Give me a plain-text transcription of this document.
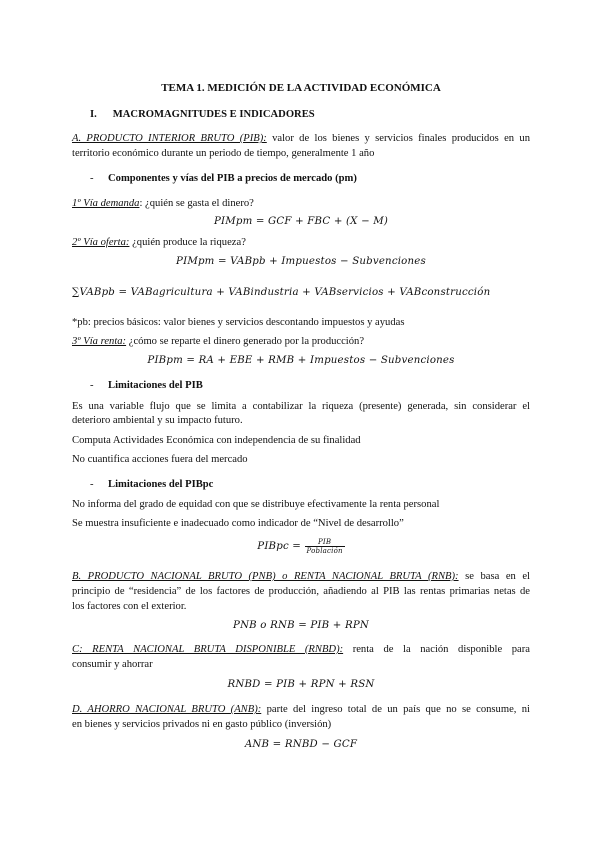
TEMA 1. MEDICIÓN DE LA ACTIVIDAD ECONÓMICA
I. MACROMAGNITUDES E INDICADORES
A. PRODUCTO INTERIOR BRUTO (PIB): valor de los bienes y servicios finales producidos en un
territorio económico durante un periodo de tiempo, generalmente 1 año
- Componentes y vías del PIB a precios de mercado (pm)
1º Vía demanda: ¿quién se gasta el dinero?
PIMpm = GCF + FBC + (X − M)
2º Vía oferta: ¿quién produce la riqueza?
PIMpm = VABpb + Impuestos − Subvenciones
∑VABpb = VABagricultura + VABindustria + VABservicios + VABconstrucción
*pb: precios básicos: valor bienes y servicios descontando impuestos y ayudas
3º Vía renta: ¿cómo se reparte el dinero generado por la producción?
PIBpm = RA + EBE + RMB + Impuestos − Subvenciones
- Limitaciones del PIB
Es una variable flujo que se limita a contabilizar la riqueza (presente) generada, sin considerar el
deterioro ambiental y su impacto futuro.
Computa Actividades Económica con independencia de su finalidad
No cuantifica acciones fuera del mercado
- Limitaciones del PIBpc
No informa del grado de equidad con que se distribuye efectivamente la renta personal
Se muestra insuficiente e inadecuado como indicador de “Nivel de desarrollo”
PIBpc = $\frac{\text{PIB}}{\text{Población}}$
B. PRODUCTO NACIONAL BRUTO (PNB) o RENTA NACIONAL BRUTA (RNB): se basa en el
principio de “residencia” de los factores de producción, añadiendo al PIB las rentas primarias netas de
los factores con el exterior.
PNB o RNB = PIB + RPN
C: RENTA NACIONAL BRUTA DISPONIBLE (RNBD): renta de la nación disponible para
consumir y ahorrar
RNBD = PIB + RPN + RSN
D. AHORRO NACIONAL BRUTO (ANB): parte del ingreso total de un país que no se consume, ni
en bienes y servicios privados ni en gasto público (inversión)
ANB = RNBD − GCF
